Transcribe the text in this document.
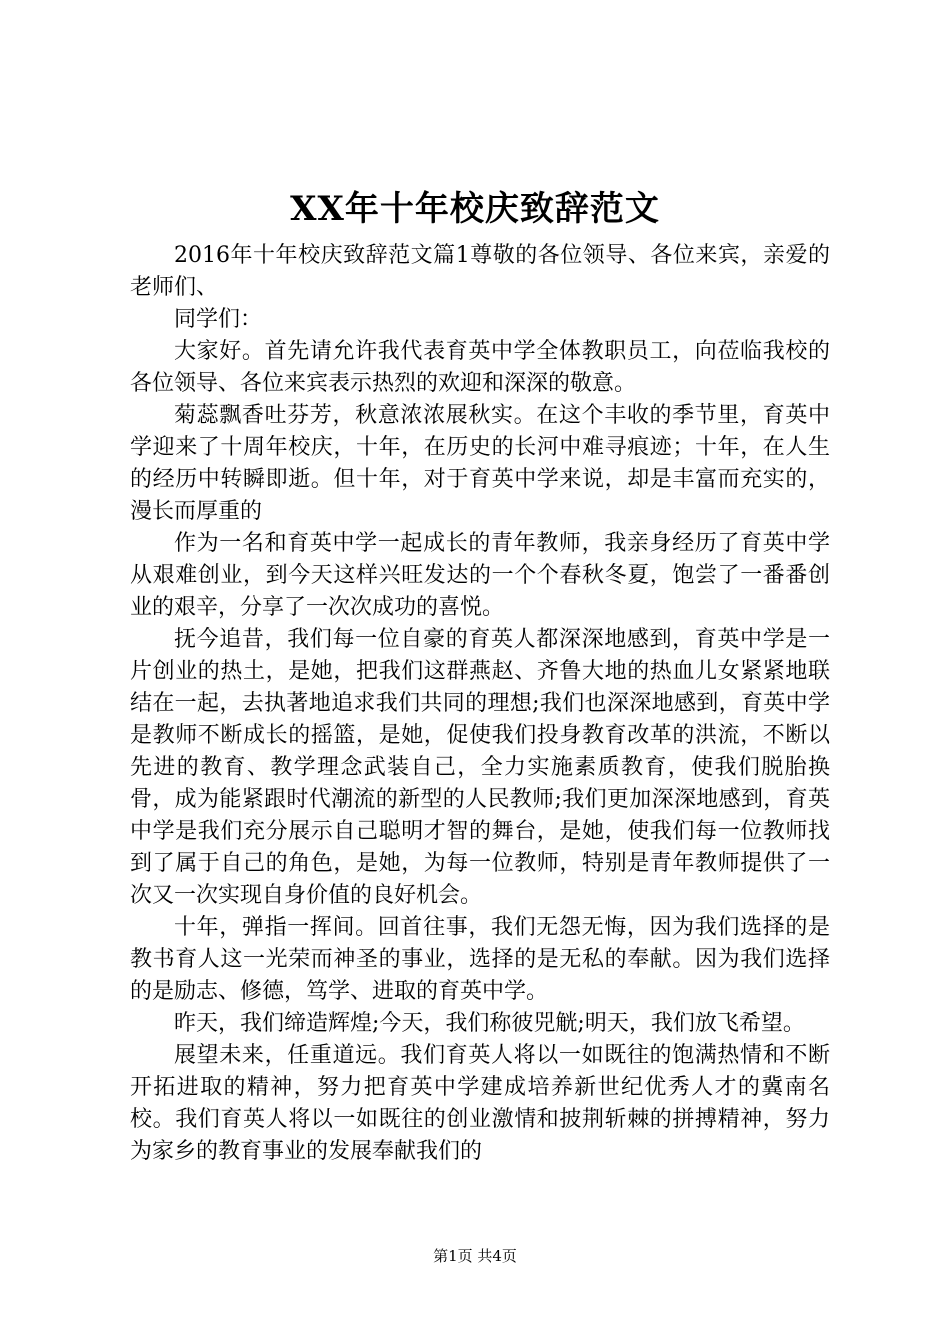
XX年十年校庆致辞范文

2016年十年校庆致辞范文篇1尊敬的各位领导、各位来宾，亲爱的老师们、

同学们：

大家好。首先请允许我代表育英中学全体教职员工，向莅临我校的各位领导、各位来宾表示热烈的欢迎和深深的敬意。

菊蕊飘香吐芬芳，秋意浓浓展秋实。在这个丰收的季节里，育英中学迎来了十周年校庆，十年，在历史的长河中难寻痕迹；十年，在人生的经历中转瞬即逝。但十年，对于育英中学来说，却是丰富而充实的，漫长而厚重的

作为一名和育英中学一起成长的青年教师，我亲身经历了育英中学从艰难创业，到今天这样兴旺发达的一个个春秋冬夏，饱尝了一番番创业的艰辛，分享了一次次成功的喜悦。

抚今追昔，我们每一位自豪的育英人都深深地感到，育英中学是一片创业的热土，是她，把我们这群燕赵、齐鲁大地的热血儿女紧紧地联结在一起，去执著地追求我们共同的理想;我们也深深地感到，育英中学是教师不断成长的摇篮，是她，促使我们投身教育改革的洪流，不断以先进的教育、教学理念武装自己，全力实施素质教育，使我们脱胎换骨，成为能紧跟时代潮流的新型的人民教师;我们更加深深地感到，育英中学是我们充分展示自己聪明才智的舞台，是她，使我们每一位教师找到了属于自己的角色，是她，为每一位教师，特别是青年教师提供了一次又一次实现自身价值的良好机会。

十年，弹指一挥间。回首往事，我们无怨无悔，因为我们选择的是教书育人这一光荣而神圣的事业，选择的是无私的奉献。因为我们选择的是励志、修德，笃学、进取的育英中学。

昨天，我们缔造辉煌;今天，我们称彼兕觥;明天，我们放飞希望。

展望未来，任重道远。我们育英人将以一如既往的饱满热情和不断开拓进取的精神，努力把育英中学建成培养新世纪优秀人才的冀南名校。我们育英人将以一如既往的创业激情和披荆斩棘的拼搏精神，努力为家乡的教育事业的发展奉献我们的

第1页 共4页
